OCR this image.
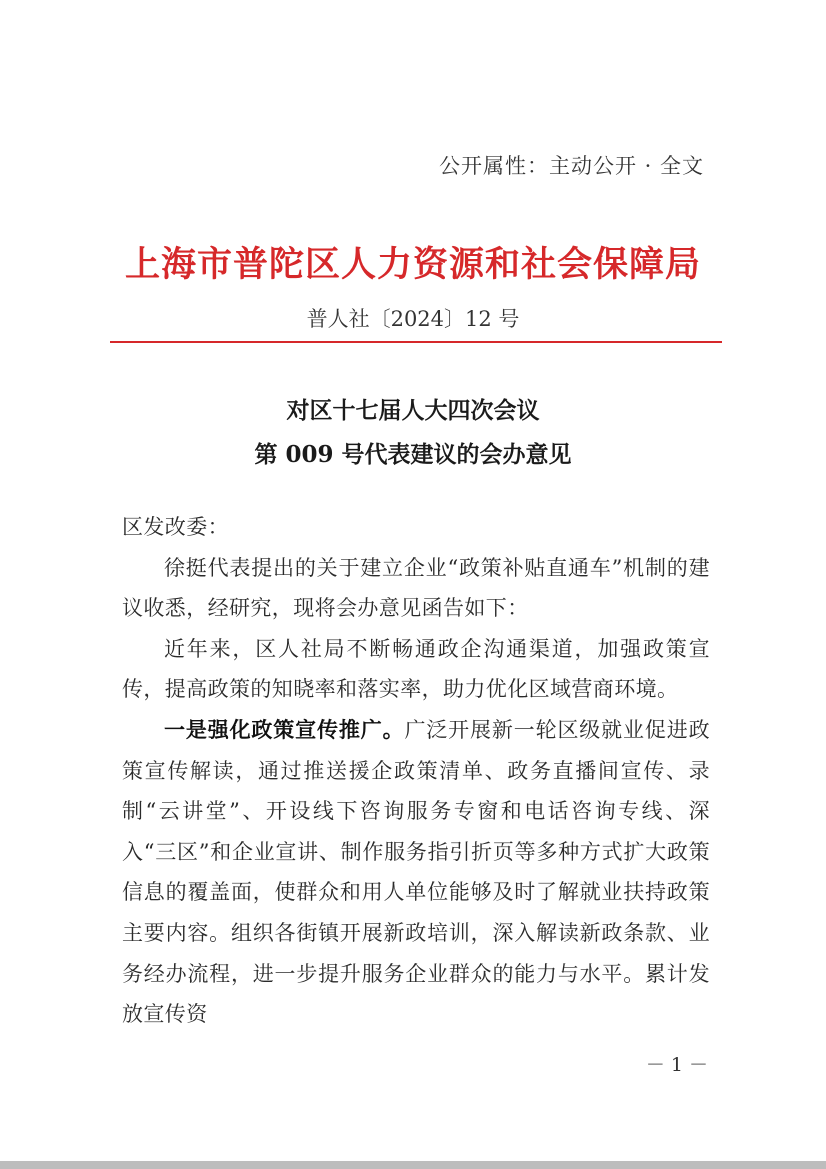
公开属性：主动公开 · 全文
上海市普陀区人力资源和社会保障局
普人社〔2024〕12 号
对区十七届人大四次会议
第 009 号代表建议的会办意见

区发改委：

徐挺代表提出的关于建立企业“政策补贴直通车”机制的建议收悉，经研究，现将会办意见函告如下：

近年来，区人社局不断畅通政企沟通渠道，加强政策宣传，提高政策的知晓率和落实率，助力优化区域营商环境。

一是强化政策宣传推广。广泛开展新一轮区级就业促进政策宣传解读，通过推送援企政策清单、政务直播间宣传、录制“云讲堂”、开设线下咨询服务专窗和电话咨询专线、深入“三区”和企业宣讲、制作服务指引折页等多种方式扩大政策信息的覆盖面，使群众和用人单位能够及时了解就业扶持政策主要内容。组织各街镇开展新政培训，深入解读新政条款、业务经办流程，进一步提升服务企业群众的能力与水平。累计发放宣传资

－ 1 －
